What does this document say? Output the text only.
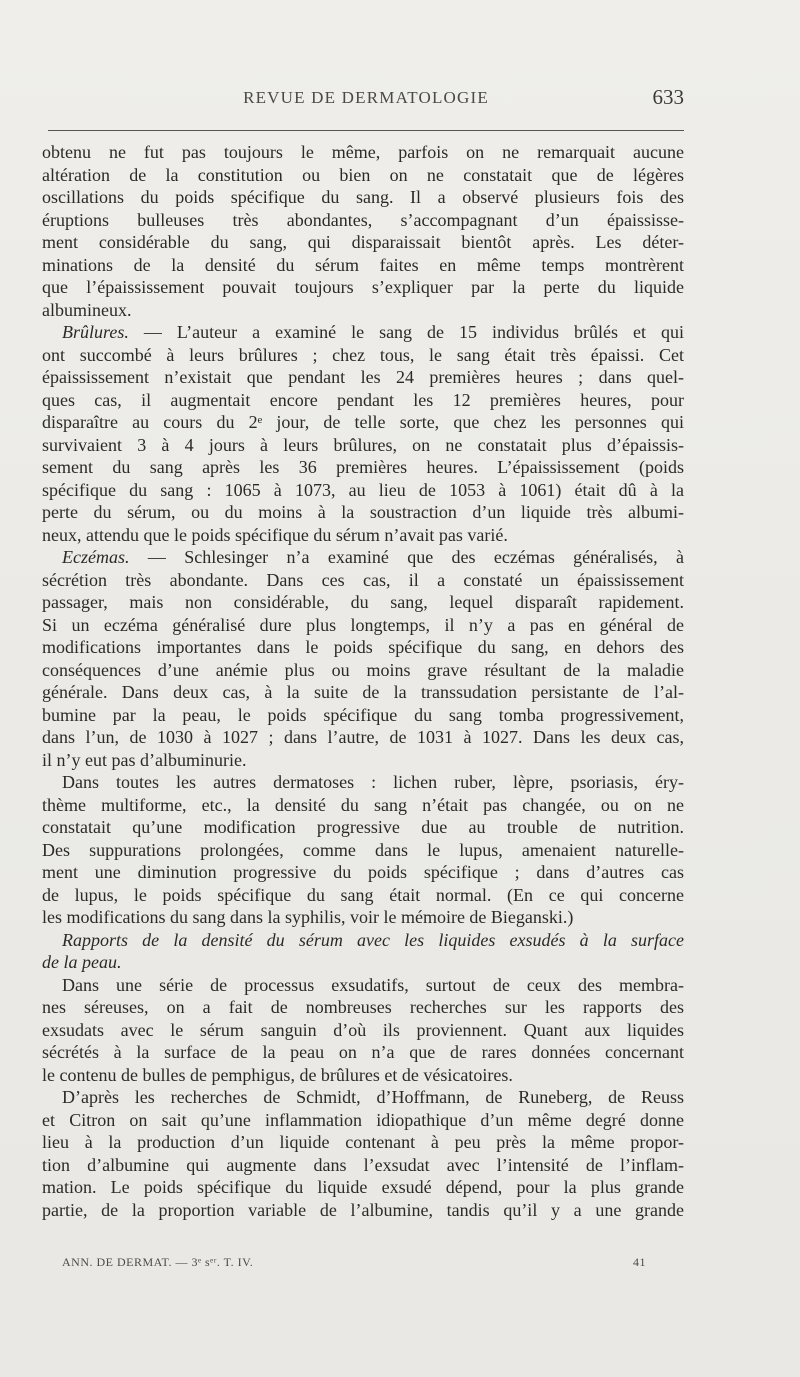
REVUE DE DERMATOLOGIE	633
obtenu ne fut pas toujours le même, parfois on ne remarquait aucune
altération de la constitution ou bien on ne constatait que de légères
oscillations du poids spécifique du sang. Il a observé plusieurs fois des
éruptions bulleuses très abondantes, s’accompagnant d’un épaississe-
ment considérable du sang, qui disparaissait bientôt après. Les déter-
minations de la densité du sérum faites en même temps montrèrent
que l’épaississement pouvait toujours s’expliquer par la perte du liquide
albumineux.
Brûlures. — L’auteur a examiné le sang de 15 individus brûlés et qui
ont succombé à leurs brûlures ; chez tous, le sang était très épaissi. Cet
épaississement n’existait que pendant les 24 premières heures ; dans quel-
ques cas, il augmentait encore pendant les 12 premières heures, pour
disparaître au cours du 2ᵉ jour, de telle sorte, que chez les personnes qui
survivaient 3 à 4 jours à leurs brûlures, on ne constatait plus d’épaissis-
sement du sang après les 36 premières heures. L’épaississement (poids
spécifique du sang : 1065 à 1073, au lieu de 1053 à 1061) était dû à la
perte du sérum, ou du moins à la soustraction d’un liquide très albumi-
neux, attendu que le poids spécifique du sérum n’avait pas varié.
Eczémas. — Schlesinger n’a examiné que des eczémas généralisés, à
sécrétion très abondante. Dans ces cas, il a constaté un épaississement
passager, mais non considérable, du sang, lequel disparaît rapidement.
Si un eczéma généralisé dure plus longtemps, il n’y a pas en général de
modifications importantes dans le poids spécifique du sang, en dehors des
conséquences d’une anémie plus ou moins grave résultant de la maladie
générale. Dans deux cas, à la suite de la transsudation persistante de l’al-
bumine par la peau, le poids spécifique du sang tomba progressivement,
dans l’un, de 1030 à 1027 ; dans l’autre, de 1031 à 1027. Dans les deux cas,
il n’y eut pas d’albuminurie.
Dans toutes les autres dermatoses : lichen ruber, lèpre, psoriasis, éry-
thème multiforme, etc., la densité du sang n’était pas changée, ou on ne
constatait qu’une modification progressive due au trouble de nutrition.
Des suppurations prolongées, comme dans le lupus, amenaient naturelle-
ment une diminution progressive du poids spécifique ; dans d’autres cas
de lupus, le poids spécifique du sang était normal. (En ce qui concerne
les modifications du sang dans la syphilis, voir le mémoire de Bieganski.)
Rapports de la densité du sérum avec les liquides exsudés à la surface
de la peau.
Dans une série de processus exsudatifs, surtout de ceux des membra-
nes séreuses, on a fait de nombreuses recherches sur les rapports des
exsudats avec le sérum sanguin d’où ils proviennent. Quant aux liquides
sécrétés à la surface de la peau on n’a que de rares données concernant
le contenu de bulles de pemphigus, de brûlures et de vésicatoires.
D’après les recherches de Schmidt, d’Hoffmann, de Runeberg, de Reuss
et Citron on sait qu’une inflammation idiopathique d’un même degré donne
lieu à la production d’un liquide contenant à peu près la même propor-
tion d’albumine qui augmente dans l’exsudat avec l’intensité de l’inflam-
mation. Le poids spécifique du liquide exsudé dépend, pour la plus grande
partie, de la proportion variable de l’albumine, tandis qu’il y a une grande
ANN. DE DERMAT. — 3ᵉ sᵉʳ. T. IV.	41
